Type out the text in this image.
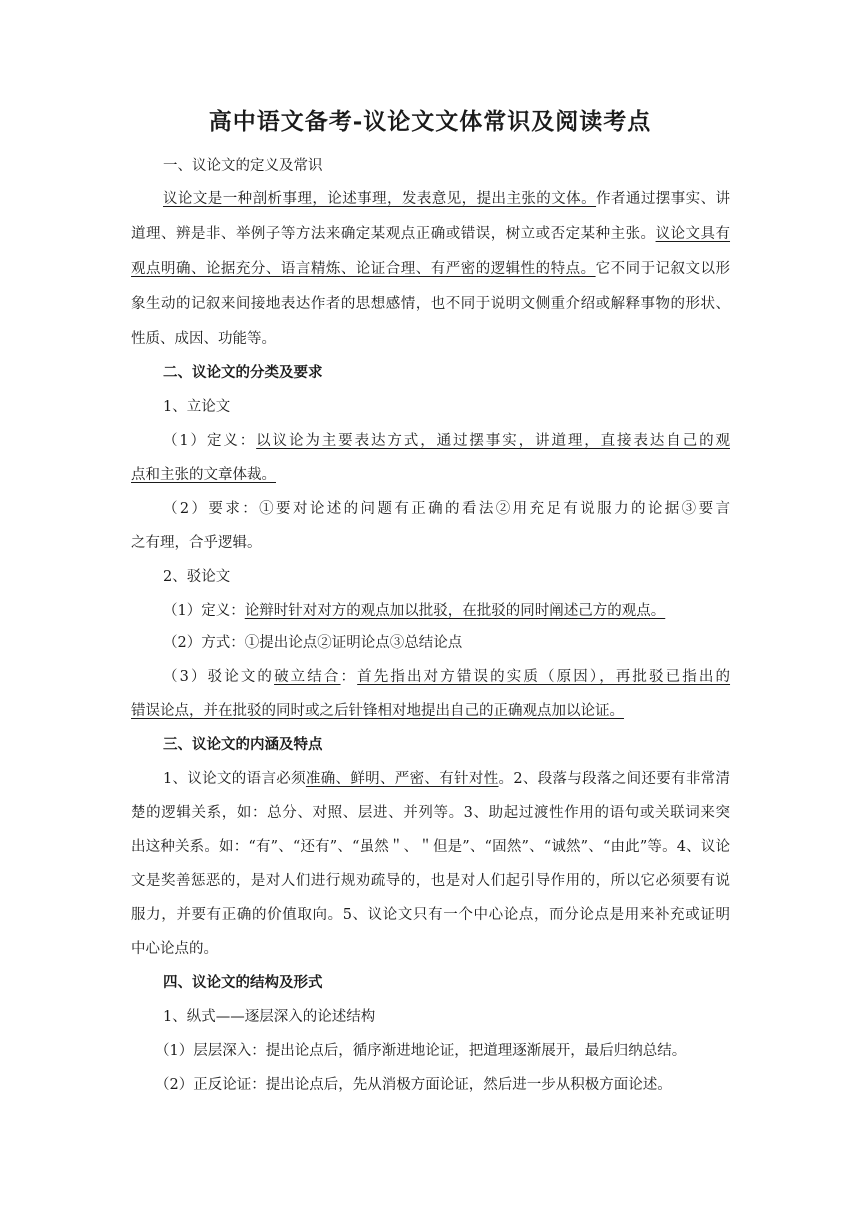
高中语文备考-议论文文体常识及阅读考点
一、议论文的定义及常识
议论文是一种剖析事理，论述事理，发表意见，提出主张的文体。作者通过摆事实、讲
道理、辨是非、举例子等方法来确定某观点正确或错误，树立或否定某种主张。议论文具有
观点明确、论据充分、语言精炼、论证合理、有严密的逻辑性的特点。它不同于记叙文以形
象生动的记叙来间接地表达作者的思想感情，也不同于说明文侧重介绍或解释事物的形状、
性质、成因、功能等。
二、议论文的分类及要求
1、立论文
（1）定义：以议论为主要表达方式，通过摆事实，讲道理，直接表达自己的观
点和主张的文章体裁。
（2）要求：①要对论述的问题有正确的看法②用充足有说服力的论据③要言
之有理，合乎逻辑。
2、驳论文
（1）定义：论辩时针对对方的观点加以批驳，在批驳的同时阐述己方的观点。
（2）方式：①提出论点②证明论点③总结论点
（3）驳论文的破立结合：首先指出对方错误的实质（原因），再批驳已指出的
错误论点，并在批驳的同时或之后针锋相对地提出自己的正确观点加以论证。
三、议论文的内涵及特点
1、议论文的语言必须准确、鲜明、严密、有针对性。2、段落与段落之间还要有非常清
楚的逻辑关系，如：总分、对照、层进、并列等。3、助起过渡性作用的语句或关联词来突
出这种关系。如：“有”、“还有”、“虽然＂、＂但是”、“固然”、“诚然”、“由此”等。4、议论
文是奖善惩恶的，是对人们进行规劝疏导的，也是对人们起引导作用的，所以它必须要有说
服力，并要有正确的价值取向。5、议论文只有一个中心论点，而分论点是用来补充或证明
中心论点的。
四、议论文的结构及形式
1、纵式——逐层深入的论述结构
（1）层层深入：提出论点后，循序渐进地论证，把道理逐渐展开，最后归纳总结。
（2）正反论证：提出论点后，先从消极方面论证，然后进一步从积极方面论述。
